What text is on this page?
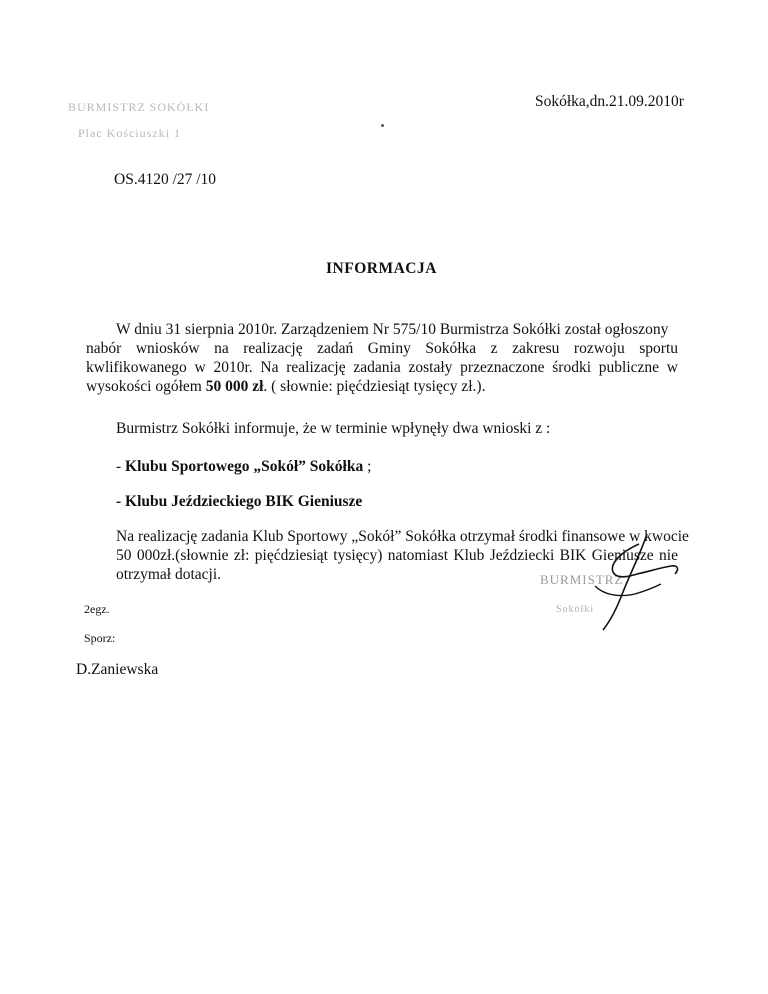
Sokółka,dn.21.09.2010r
BURMISTRZ SOKÓŁKI
Plac Kościuszki 1
OS.4120 /27 /10
INFORMACJA
W dniu 31 sierpnia 2010r. Zarządzeniem Nr 575/10 Burmistrza Sokółki został ogłoszony
nabór wniosków na realizację zadań Gminy Sokółka z zakresu rozwoju sportu
kwlifikowanego w 2010r. Na realizację zadania zostały przeznaczone środki publiczne w
wysokości ogółem 50 000 zł. ( słownie: pięćdziesiąt tysięcy zł.).
Burmistrz Sokółki informuje, że w terminie wpłynęły dwa wnioski z :
- Klubu Sportowego „Sokół” Sokółka ;
- Klubu Jeździeckiego BIK Gieniusze
Na realizację zadania Klub Sportowy „Sokół” Sokółka otrzymał środki finansowe w kwocie
50 000zł.(słownie zł: pięćdziesiąt tysięcy) natomiast Klub Jeździecki BIK Gieniusze nie
otrzymał dotacji.	BURMISTRZ
Sokółki
2egz.
Sporz:
D.Zaniewska
